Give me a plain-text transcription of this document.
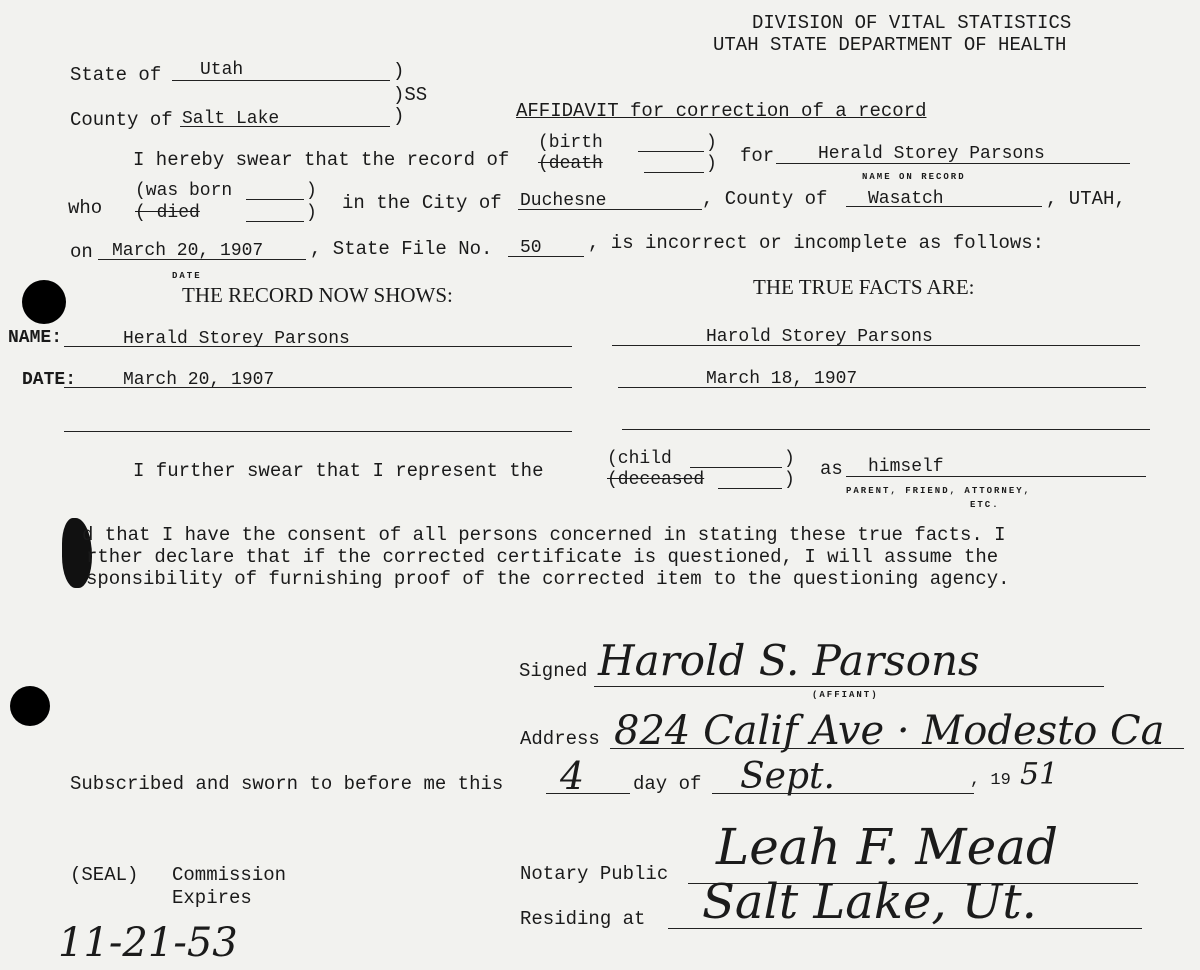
DIVISION OF VITAL STATISTICS
UTAH STATE DEPARTMENT OF HEALTH
State of Utah	)
)SS
County of Salt Lake	)	AFFIDAVIT for correction of a record
I hereby swear that the record of
(birth	)
(death	) for Herald Storey Parsons
NAME ON RECORD
who
(was born	)
( died	) in the City of Duchesne	, County of Wasatch	, UTAH,
on March 20, 1907
DATE
, State File No. 50 , is incorrect or incomplete as follows:
THE RECORD NOW SHOWS:	THE TRUE FACTS ARE:
NAME:	Herald Storey Parsons	Harold Storey Parsons
DATE:	March 20, 1907	March 18, 1907
I further swear that I represent the
(child	)
(deceased	) as himself
PARENT, FRIEND, ATTORNEY,
ETC.
d that I have the consent of all persons concerned in stating these true facts. I
rther declare that if the corrected certificate is questioned, I will assume the
sponsibility of furnishing proof of the corrected item to the questioning agency.
Signed Harold S. Parsons
(AFFIANT)
Address 824 Calif Ave · Modesto Ca
Subscribed and sworn to before me this 4	day of Sept.	, 19 51
(SEAL) Commission
Expires
Notary Public Leah F. Mead
Residing at Salt Lake, Ut.
11-21-53
